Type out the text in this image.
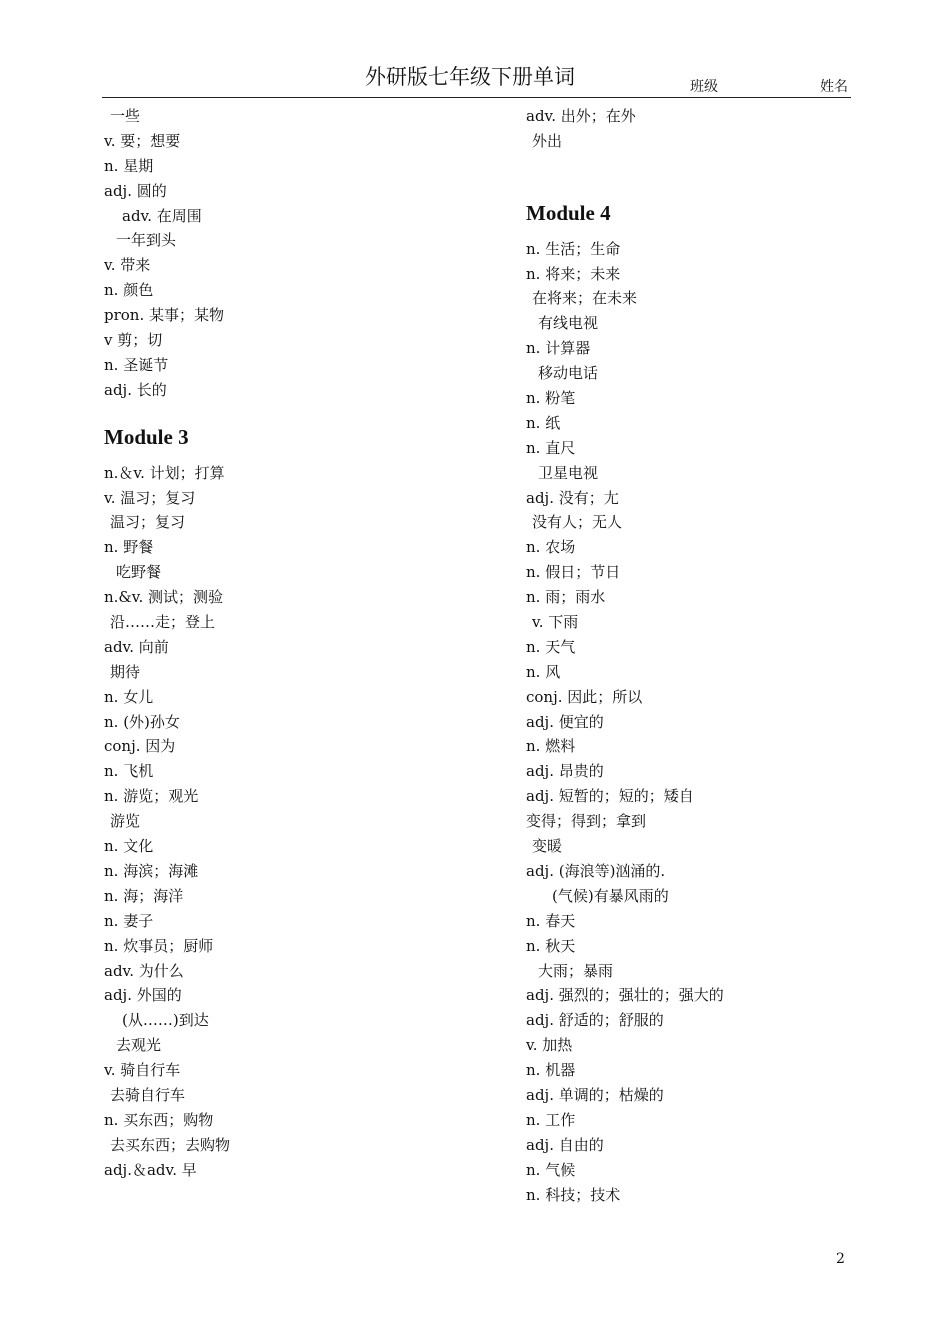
外研版七年级下册单词	班级	姓名
一些
v. 要；想要
n. 星期
adj. 圆的
adv. 在周围
一年到头
v. 带来
n. 颜色
pron. 某事；某物
v 剪；切
n. 圣诞节
adj. 长的
Module 3
n.＆v. 计划；打算
v. 温习；复习
温习；复习
n. 野餐
吃野餐
n.&v. 测试；测验
沿……走；登上
adv. 向前
期待
n. 女儿
n. (外)孙女
conj. 因为
n. 飞机
n. 游览；观光
游览
n. 文化
n. 海滨；海滩
n. 海；海洋
n. 妻子
n. 炊事员；厨师
adv. 为什么
adj. 外国的
(从……)到达
去观光
v. 骑自行车
去骑自行车
n. 买东西；购物
去买东西；去购物
adj.＆adv. 早
adv. 出外；在外
外出
Module 4
n. 生活；生命
n. 将来；未来
在将来；在未来
有线电视
n. 计算器
移动电话
n. 粉笔
n. 纸
n. 直尺
卫星电视
adj. 没有；尢
没有人；无人
n. 农场
n. 假日；节日
n. 雨；雨水
v. 下雨
n. 天气
n. 风
conj. 因此；所以
adj. 便宜的
n. 燃料
adj. 昂贵的
adj. 短暂的；短的；矮自
变得；得到；拿到
变暖
adj. (海浪等)汹涌的.
(气候)有暴风雨的
n. 春天
n. 秋天
大雨；暴雨
adj. 强烈的；强壮的；强大的
adj. 舒适的；舒服的
v. 加热
n. 机器
adj. 单调的；枯燥的
n. 工作
adj. 自由的
n. 气候
n. 科技；技术
2
